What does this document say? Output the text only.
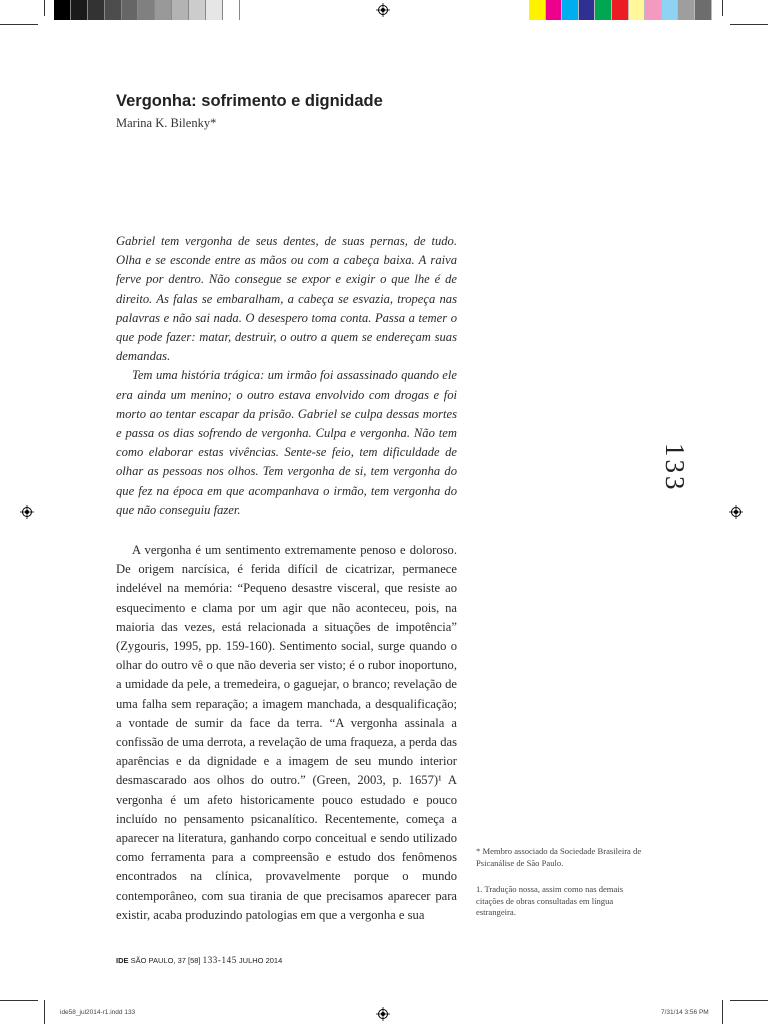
Vergonha: sofrimento e dignidade
Marina K. Bilenky*

Gabriel tem vergonha de seus dentes, de suas pernas, de tudo. Olha e se esconde entre as mãos ou com a cabeça baixa. A raiva ferve por dentro. Não consegue se expor e exigir o que lhe é de direito. As falas se embaralham, a cabeça se esvazia, tropeça nas palavras e não sai nada. O desespero toma conta. Passa a temer o que pode fazer: matar, destruir, o outro a quem se endereçam suas demandas.

Tem uma história trágica: um irmão foi assassinado quando ele era ainda um menino; o outro estava envolvido com drogas e foi morto ao tentar escapar da prisão. Gabriel se culpa dessas mortes e passa os dias sofrendo de vergonha. Culpa e vergonha. Não tem como elaborar estas vivências. Sente-se feio, tem dificuldade de olhar as pessoas nos olhos. Tem vergonha de si, tem vergonha do que fez na época em que acompanhava o irmão, tem vergonha do que não conseguiu fazer.

A vergonha é um sentimento extremamente penoso e doloroso. De origem narcísica, é ferida difícil de cicatrizar, permanece indelével na memória: “Pequeno desastre visceral, que resiste ao esquecimento e clama por um agir que não aconteceu, pois, na maioria das vezes, está relacionada a situações de impotência” (Zygouris, 1995, pp. 159-160). Sentimento social, surge quando o olhar do outro vê o que não deveria ser visto; é o rubor inoportuno, a umidade da pele, a tremedeira, o gaguejar, o branco; revelação de uma falha sem reparação; a imagem manchada, a desqualificação; a vontade de sumir da face da terra. “A vergonha assinala a confissão de uma derrota, a revelação de uma fraqueza, a perda das aparências e da dignidade e a imagem de seu mundo interior desmascarado aos olhos do outro.” (Green, 2003, p. 1657)¹ A vergonha é um afeto historicamente pouco estudado e pouco incluído no pensamento psicanalítico. Recentemente, começa a aparecer na literatura, ganhando corpo conceitual e sendo utilizado como ferramenta para a compreensão e estudo dos fenômenos encontrados na clínica, provavelmente porque o mundo contemporâneo, com sua tirania de que precisamos aparecer para existir, acaba produzindo patologias em que a vergonha e sua

133
* Membro associado da Sociedade Brasileira de Psicanálise de São Paulo.
1. Tradução nossa, assim como nas demais citações de obras consultadas em língua estrangeira.
IDE SÃO PAULO, 37 [58] 133-145 JULHO 2014
ide58_jul2014-r1.indd 133	7/31/14 3:56 PM
